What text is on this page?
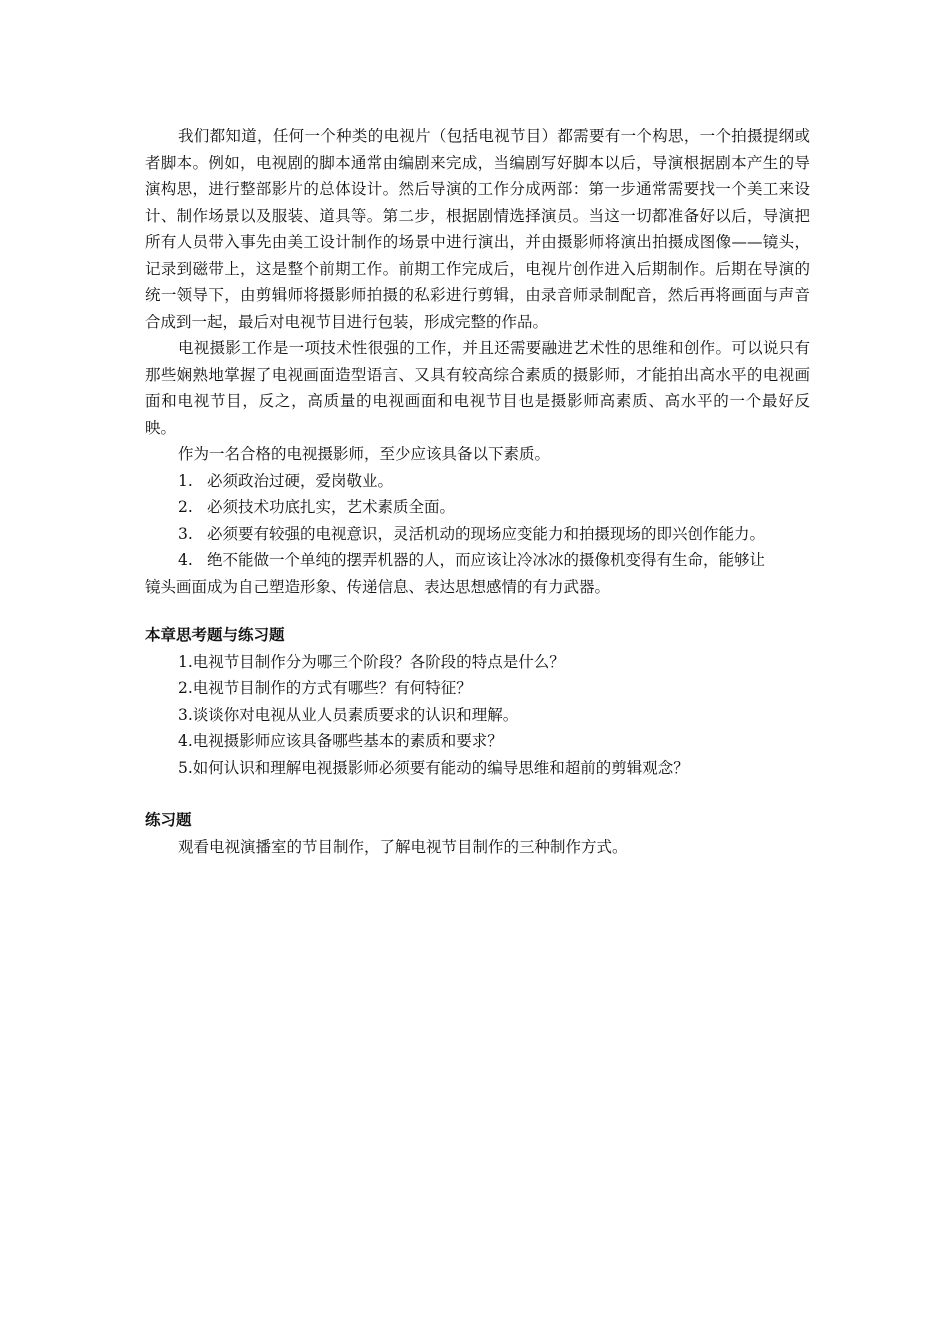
我们都知道，任何一个种类的电视片（包括电视节目）都需要有一个构思，一个拍摄提纲或者脚本。例如，电视剧的脚本通常由编剧来完成，当编剧写好脚本以后，导演根据剧本产生的导演构思，进行整部影片的总体设计。然后导演的工作分成两部：第一步通常需要找一个美工来设计、制作场景以及服装、道具等。第二步，根据剧情选择演员。当这一切都准备好以后，导演把所有人员带入事先由美工设计制作的场景中进行演出，并由摄影师将演出拍摄成图像——镜头，记录到磁带上，这是整个前期工作。前期工作完成后，电视片创作进入后期制作。后期在导演的统一领导下，由剪辑师将摄影师拍摄的私彩进行剪辑，由录音师录制配音，然后再将画面与声音合成到一起，最后对电视节目进行包装，形成完整的作品。

电视摄影工作是一项技术性很强的工作，并且还需要融进艺术性的思维和创作。可以说只有那些娴熟地掌握了电视画面造型语言、又具有较高综合素质的摄影师，才能拍出高水平的电视画面和电视节目，反之，高质量的电视画面和电视节目也是摄影师高素质、高水平的一个最好反映。

作为一名合格的电视摄影师，至少应该具备以下素质。

1. 必须政治过硬，爱岗敬业。
2. 必须技术功底扎实，艺术素质全面。
3. 必须要有较强的电视意识，灵活机动的现场应变能力和拍摄现场的即兴创作能力。
4. 绝不能做一个单纯的摆弄机器的人，而应该让冷冰冰的摄像机变得有生命，能够让

镜头画面成为自己塑造形象、传递信息、表达思想感情的有力武器。

本章思考题与练习题

1.电视节目制作分为哪三个阶段？各阶段的特点是什么？

2.电视节目制作的方式有哪些？有何特征？

3.谈谈你对电视从业人员素质要求的认识和理解。

4.电视摄影师应该具备哪些基本的素质和要求？

5.如何认识和理解电视摄影师必须要有能动的编导思维和超前的剪辑观念？

练习题

观看电视演播室的节目制作，了解电视节目制作的三种制作方式。
